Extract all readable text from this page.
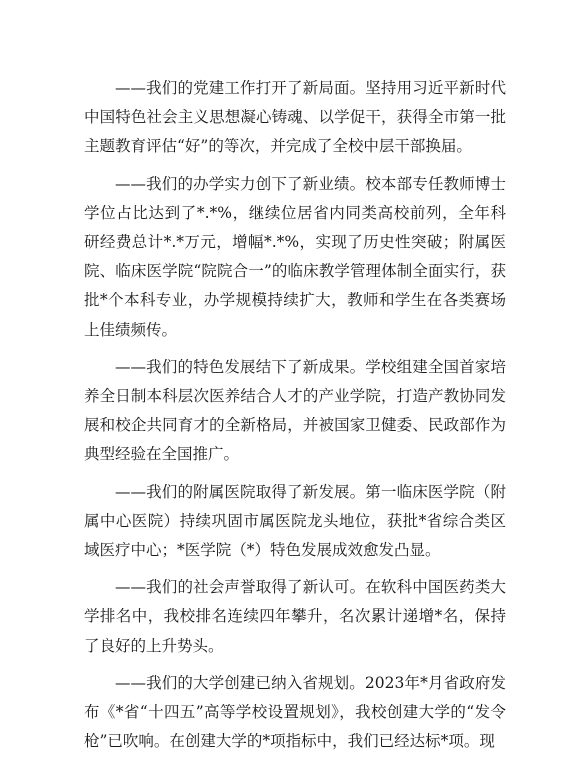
——我们的党建工作打开了新局面。坚持用习近平新时代中国特色社会主义思想凝心铸魂、以学促干，获得全市第一批主题教育评估“好”的等次，并完成了全校中层干部换届。

——我们的办学实力创下了新业绩。校本部专任教师博士学位占比达到了*.*%，继续位居省内同类高校前列，全年科研经费总计*.*万元，增幅*.*%，实现了历史性突破；附属医院、临床医学院“院院合一”的临床教学管理体制全面实行，获批*个本科专业，办学规模持续扩大，教师和学生在各类赛场上佳绩频传。

——我们的特色发展结下了新成果。学校组建全国首家培养全日制本科层次医养结合人才的产业学院，打造产教协同发展和校企共同育才的全新格局，并被国家卫健委、民政部作为典型经验在全国推广。

——我们的附属医院取得了新发展。第一临床医学院（附属中心医院）持续巩固市属医院龙头地位，获批*省综合类区域医疗中心；*医学院（*）特色发展成效愈发凸显。

——我们的社会声誉取得了新认可。在软科中国医药类大学排名中，我校排名连续四年攀升，名次累计递增*名，保持了良好的上升势头。

——我们的大学创建已纳入省规划。2023年*月省政府发布《*省“十四五”高等学校设置规划》，我校创建大学的“发令枪”已吹响。在创建大学的*项指标中，我们已经达标*项。现
